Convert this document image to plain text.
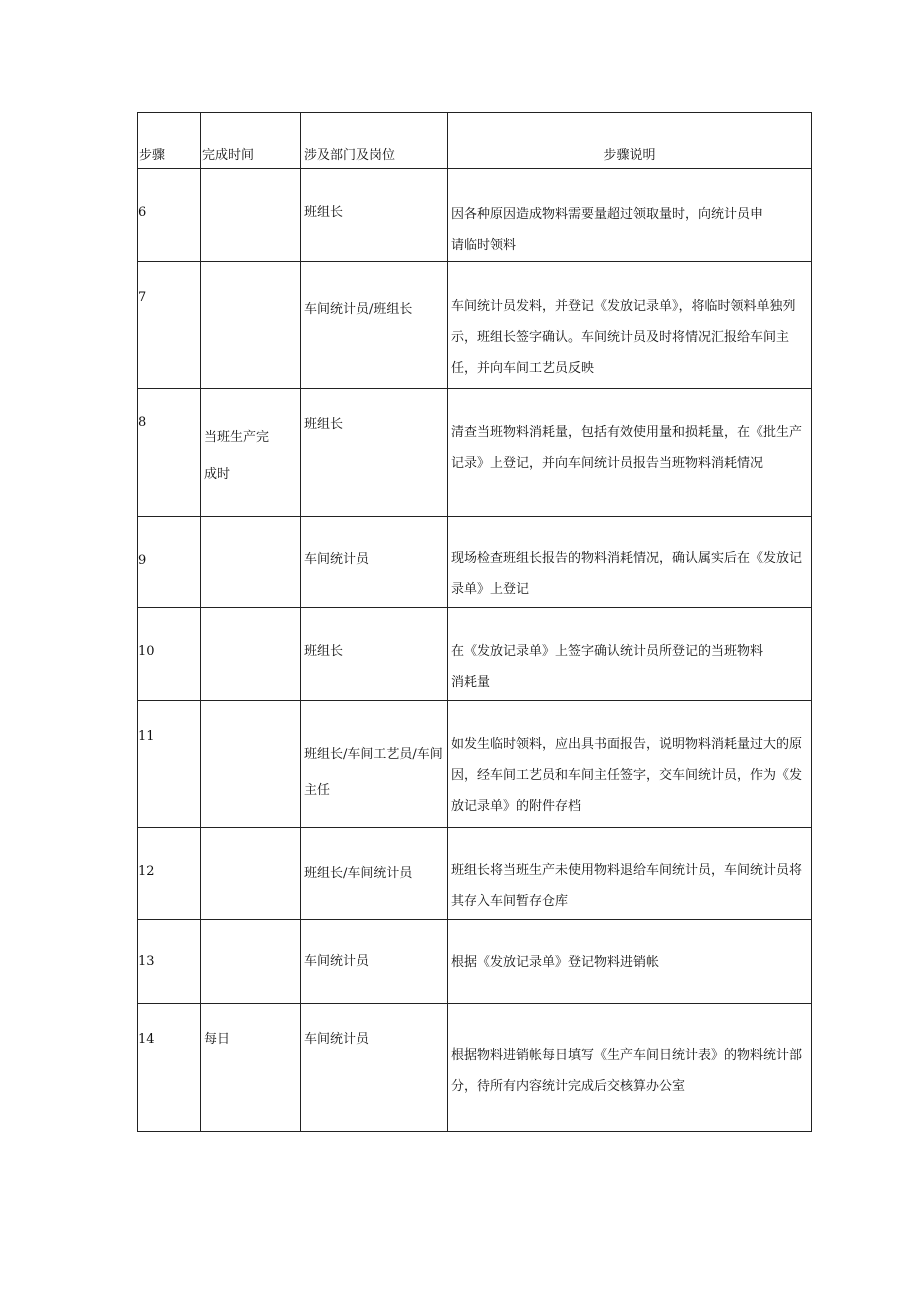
步骤	完成时间	涉及部门及岗位	步骤说明

6		班组长	因各种原因造成物料需要量超过领取量时，向统计员申请临时领料

7		车间统计员/班组长	车间统计员发料，并登记《发放记录单》，将临时领料单独列示，班组长签字确认。车间统计员及时将情况汇报给车间主任，并向车间工艺员反映

8	当班生产完成时	班组长	清查当班物料消耗量，包括有效使用量和损耗量，在《批生产记录》上登记，并向车间统计员报告当班物料消耗情况

9		车间统计员	现场检查班组长报告的物料消耗情况，确认属实后在《发放记录单》上登记

10		班组长	在《发放记录单》上签字确认统计员所登记的当班物料消耗量

11		班组长/车间工艺员/车间主任	如发生临时领料，应出具书面报告，说明物料消耗量过大的原因，经车间工艺员和车间主任签字，交车间统计员，作为《发放记录单》的附件存档

12		班组长/车间统计员	班组长将当班生产未使用物料退给车间统计员，车间统计员将其存入车间暂存仓库

13		车间统计员	根据《发放记录单》登记物料进销帐

14	每日	车间统计员	根据物料进销帐每日填写《生产车间日统计表》的物料统计部分，待所有内容统计完成后交核算办公室
